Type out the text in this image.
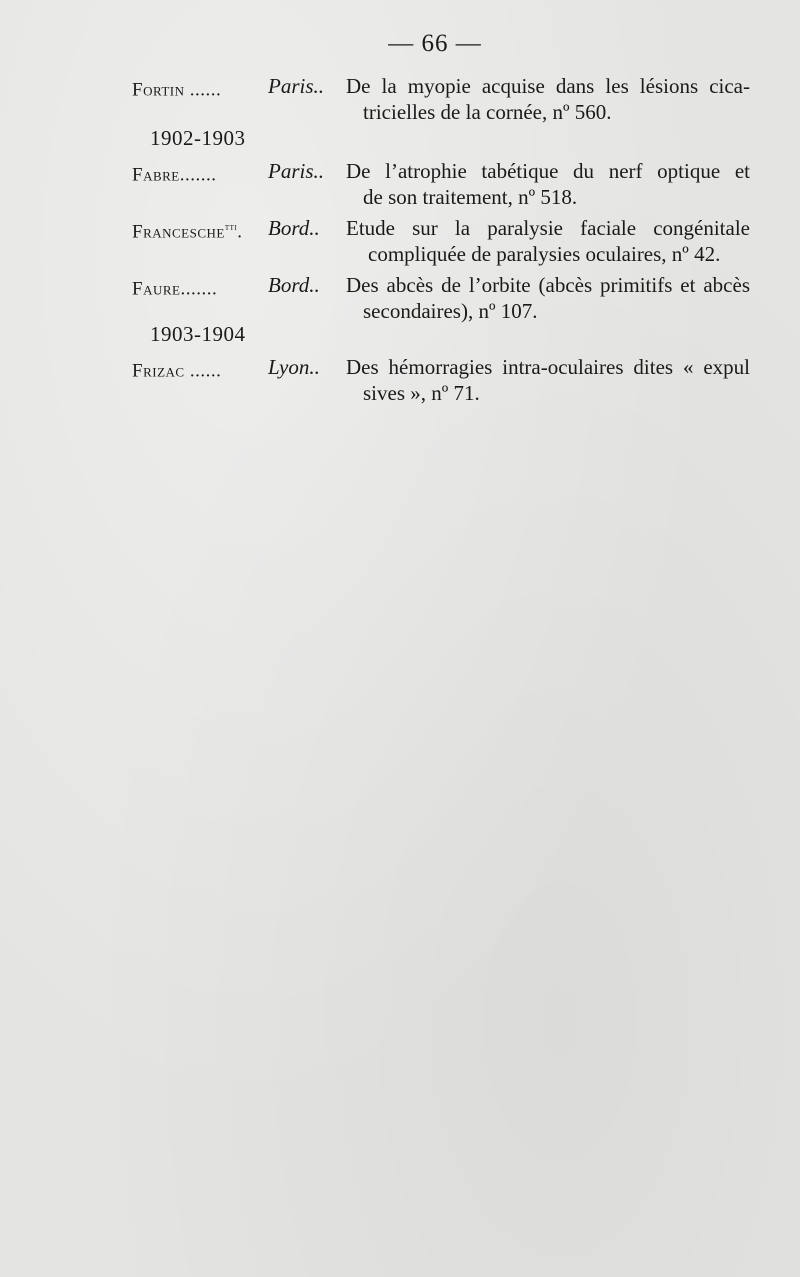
— 66 —
Fortin ...... Paris.. De la myopie acquise dans les lésions cica-
tricielles de la cornée, nº 560.
1902-1903
Fabre....... Paris.. De l’atrophie tabétique du nerf optique et
de son traitement, nº 518.
Francesche$^{tti}$. Bord.. Etude sur la paralysie faciale congénitale
compliquée de paralysies oculaires, nº 42.
Faure....... Bord.. Des abcès de l’orbite (abcès primitifs et abcès
secondaires), nº 107.
1903-1904
Frizac ...... Lyon.. Des hémorragies intra-oculaires dites « expul
sives », nº 71.
